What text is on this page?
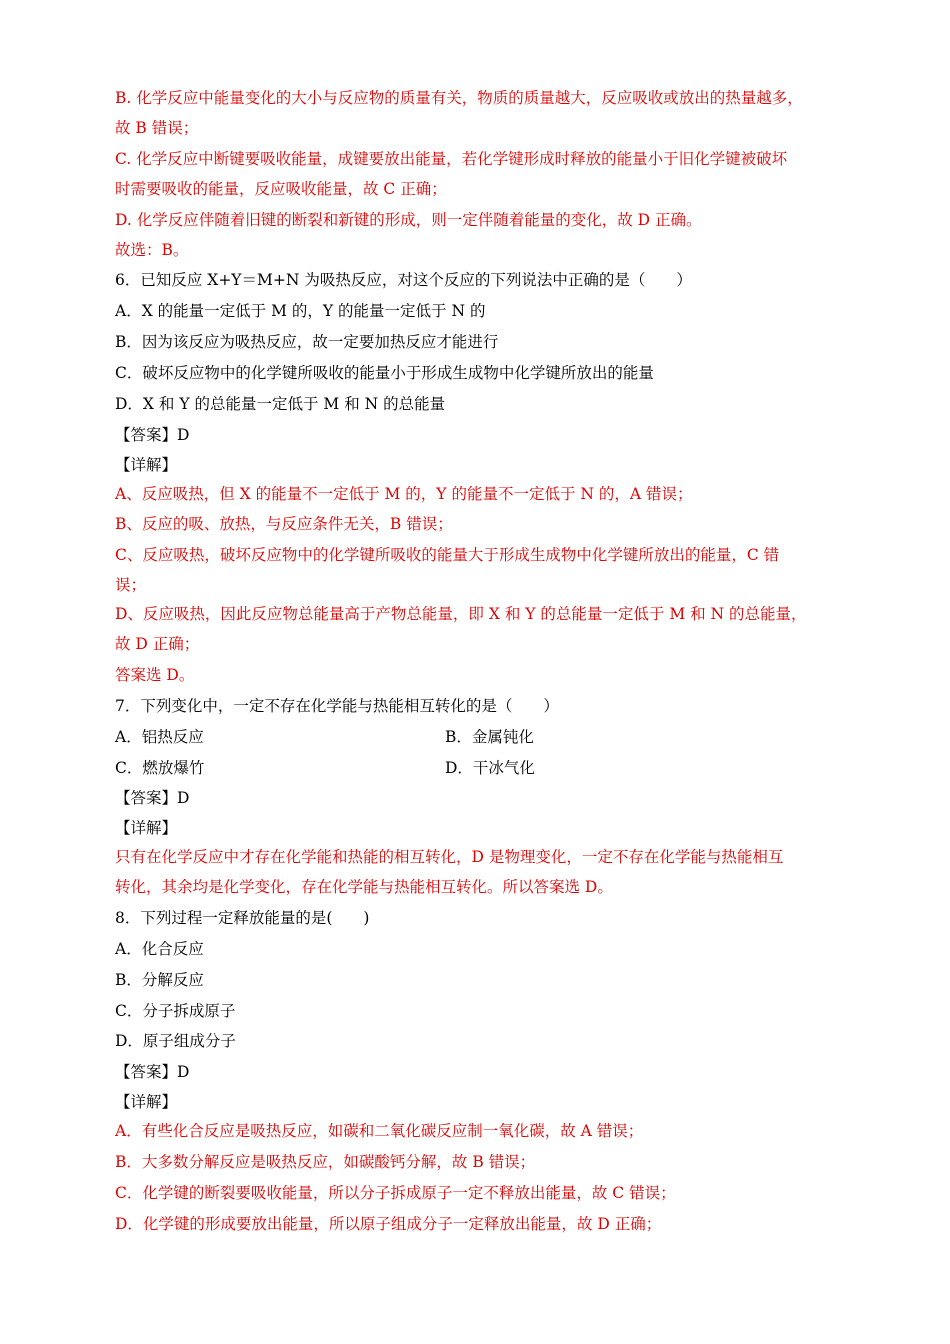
B. 化学反应中能量变化的大小与反应物的质量有关，物质的质量越大，反应吸收或放出的热量越多，
故 B 错误；
C. 化学反应中断键要吸收能量，成键要放出能量，若化学键形成时释放的能量小于旧化学键被破坏
时需要吸收的能量，反应吸收能量，故 C 正确；
D. 化学反应伴随着旧键的断裂和新键的形成，则一定伴随着能量的变化，故 D 正确。
故选：B。
6．已知反应 X+Y＝M+N 为吸热反应，对这个反应的下列说法中正确的是（　　）
A．X 的能量一定低于 M 的，Y 的能量一定低于 N 的
B．因为该反应为吸热反应，故一定要加热反应才能进行
C．破坏反应物中的化学键所吸收的能量小于形成生成物中化学键所放出的能量
D．X 和 Y 的总能量一定低于 M 和 N 的总能量
【答案】D
【详解】
A、反应吸热，但 X 的能量不一定低于 M 的，Y 的能量不一定低于 N 的，A 错误；
B、反应的吸、放热，与反应条件无关，B 错误；
C、反应吸热，破坏反应物中的化学键所吸收的能量大于形成生成物中化学键所放出的能量，C 错
误；
D、反应吸热，因此反应物总能量高于产物总能量，即 X 和 Y 的总能量一定低于 M 和 N 的总能量，
故 D 正确；
答案选 D。
7．下列变化中，一定不存在化学能与热能相互转化的是（　　）
A．铝热反应	B．金属钝化
C．燃放爆竹	D．干冰气化
【答案】D
【详解】
只有在化学反应中才存在化学能和热能的相互转化，D 是物理变化，一定不存在化学能与热能相互
转化，其余均是化学变化，存在化学能与热能相互转化。所以答案选 D。
8．下列过程一定释放能量的是(　　)
A．化合反应
B．分解反应
C．分子拆成原子
D．原子组成分子
【答案】D
【详解】
A．有些化合反应是吸热反应，如碳和二氧化碳反应制一氧化碳，故 A 错误；
B．大多数分解反应是吸热反应，如碳酸钙分解，故 B 错误；
C．化学键的断裂要吸收能量，所以分子拆成原子一定不释放出能量，故 C 错误；
D．化学键的形成要放出能量，所以原子组成分子一定释放出能量，故 D 正确；
